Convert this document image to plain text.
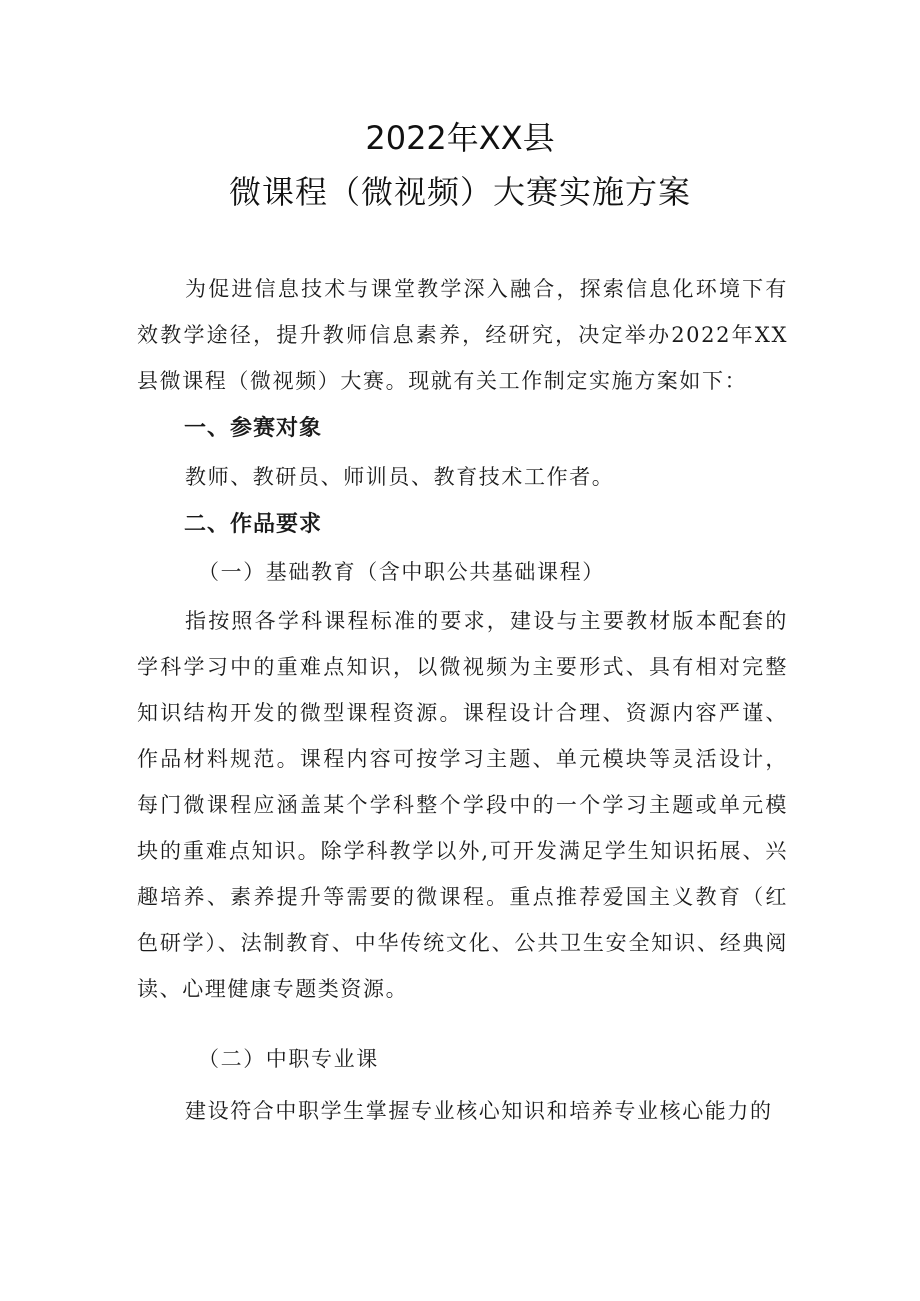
2022年XX县
微课程（微视频）大赛实施方案

为促进信息技术与课堂教学深入融合，探索信息化环境下有效教学途径，提升教师信息素养，经研究，决定举办2022年XX县微课程（微视频）大赛。现就有关工作制定实施方案如下：

一、参赛对象
教师、教研员、师训员、教育技术工作者。
二、作品要求
（一）基础教育（含中职公共基础课程）

指按照各学科课程标准的要求，建设与主要教材版本配套的学科学习中的重难点知识，以微视频为主要形式、具有相对完整知识结构开发的微型课程资源。课程设计合理、资源内容严谨、作品材料规范。课程内容可按学习主题、单元模块等灵活设计，每门微课程应涵盖某个学科整个学段中的一个学习主题或单元模块的重难点知识。除学科教学以外,可开发满足学生知识拓展、兴趣培养、素养提升等需要的微课程。重点推荐爱国主义教育（红色研学）、法制教育、中华传统文化、公共卫生安全知识、经典阅读、心理健康专题类资源。

（二）中职专业课
建设符合中职学生掌握专业核心知识和培养专业核心能力的
